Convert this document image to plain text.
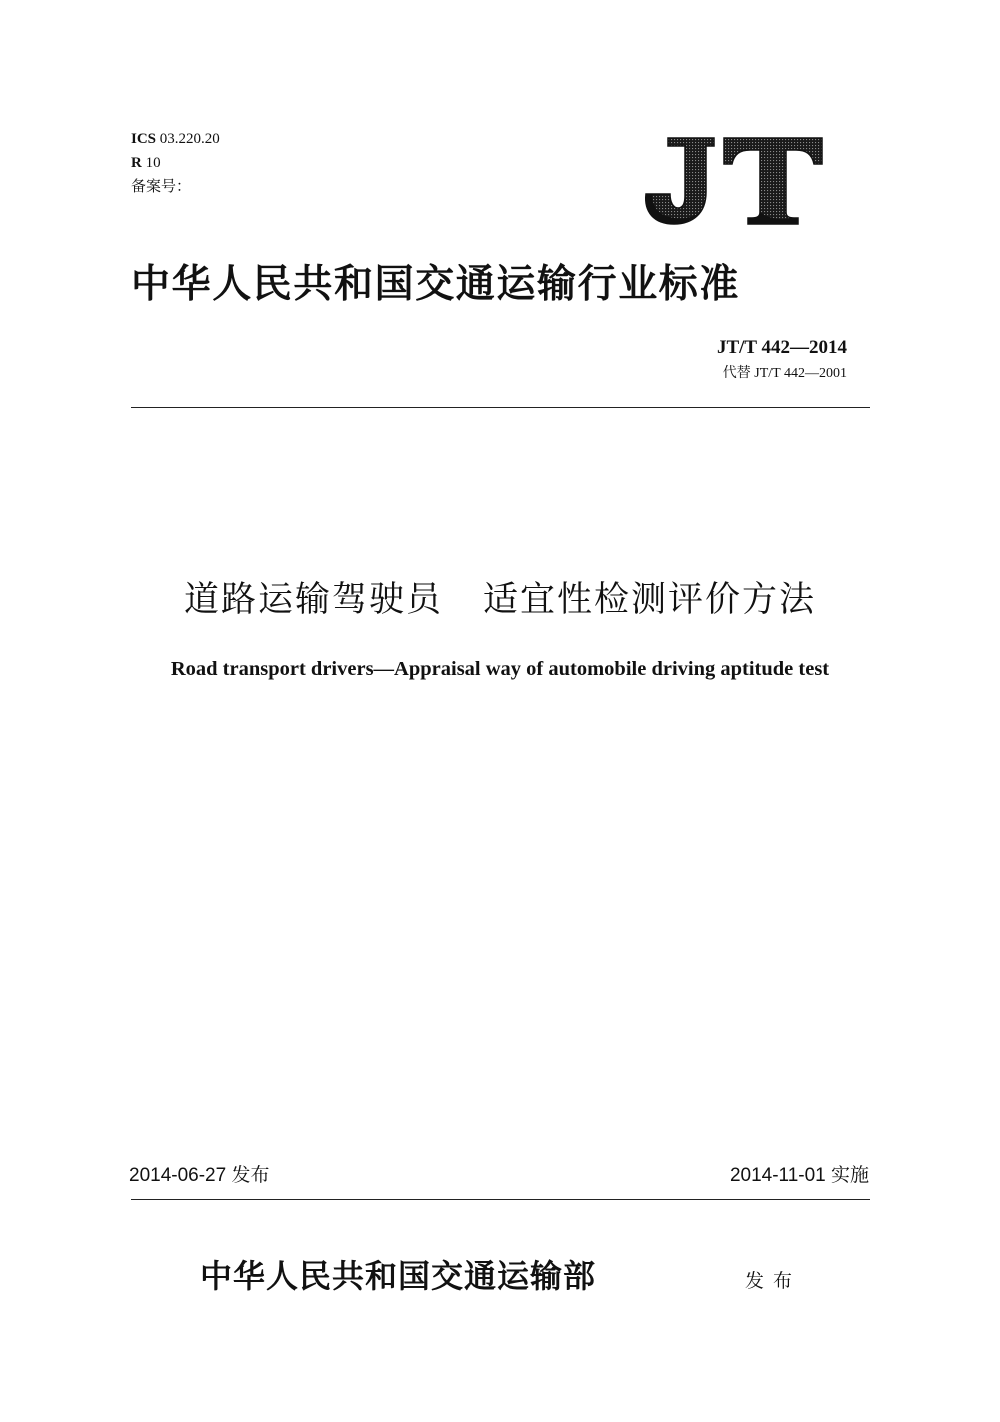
ICS 03.220.20
R 10
备案号：
中华人民共和国交通运输行业标准
JT/T 442—2014
代替 JT/T 442—2001
道路运输驾驶员 适宜性检测评价方法
Road transport drivers—Appraisal way of automobile driving aptitude test
2014-06-27 发布	2014-11-01 实施
中华人民共和国交通运输部	发布
